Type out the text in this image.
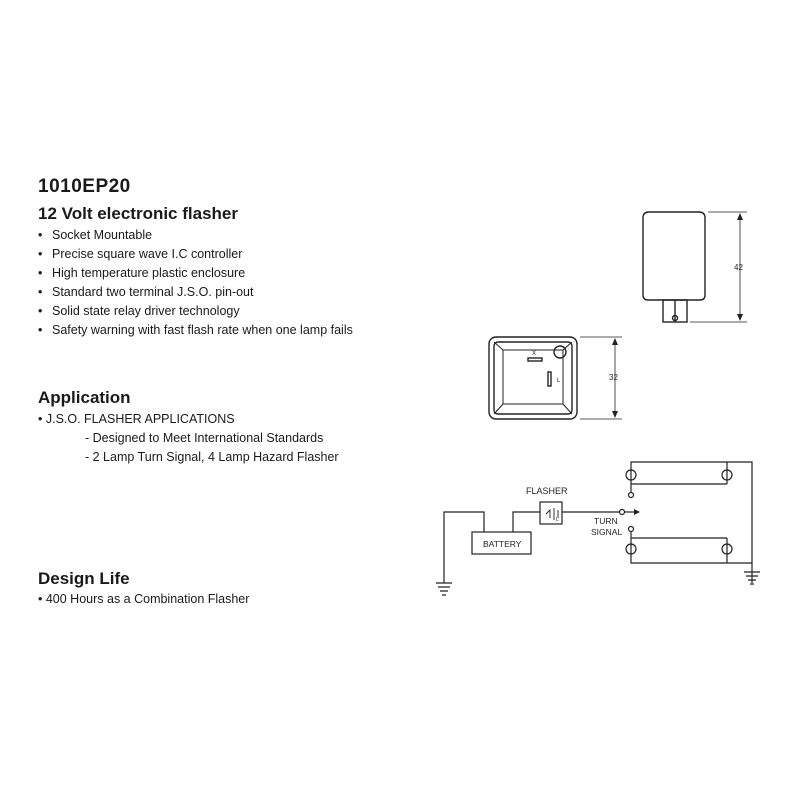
1010EP20
12 Volt electronic flasher
• Socket Mountable
• Precise square wave I.C controller
• High temperature plastic enclosure
• Standard two terminal J.S.O. pin-out
• Solid state relay driver technology
• Safety warning with fast flash rate when one lamp fails
Application
• J.S.O. FLASHER APPLICATIONS
- Designed to Meet International Standards
- 2 Lamp Turn Signal, 4 Lamp Hazard Flasher
Design Life
• 400 Hours as a Combination Flasher
42
X
L	32
FLASHER
BATTERY
TURN
SIGNAL
L
